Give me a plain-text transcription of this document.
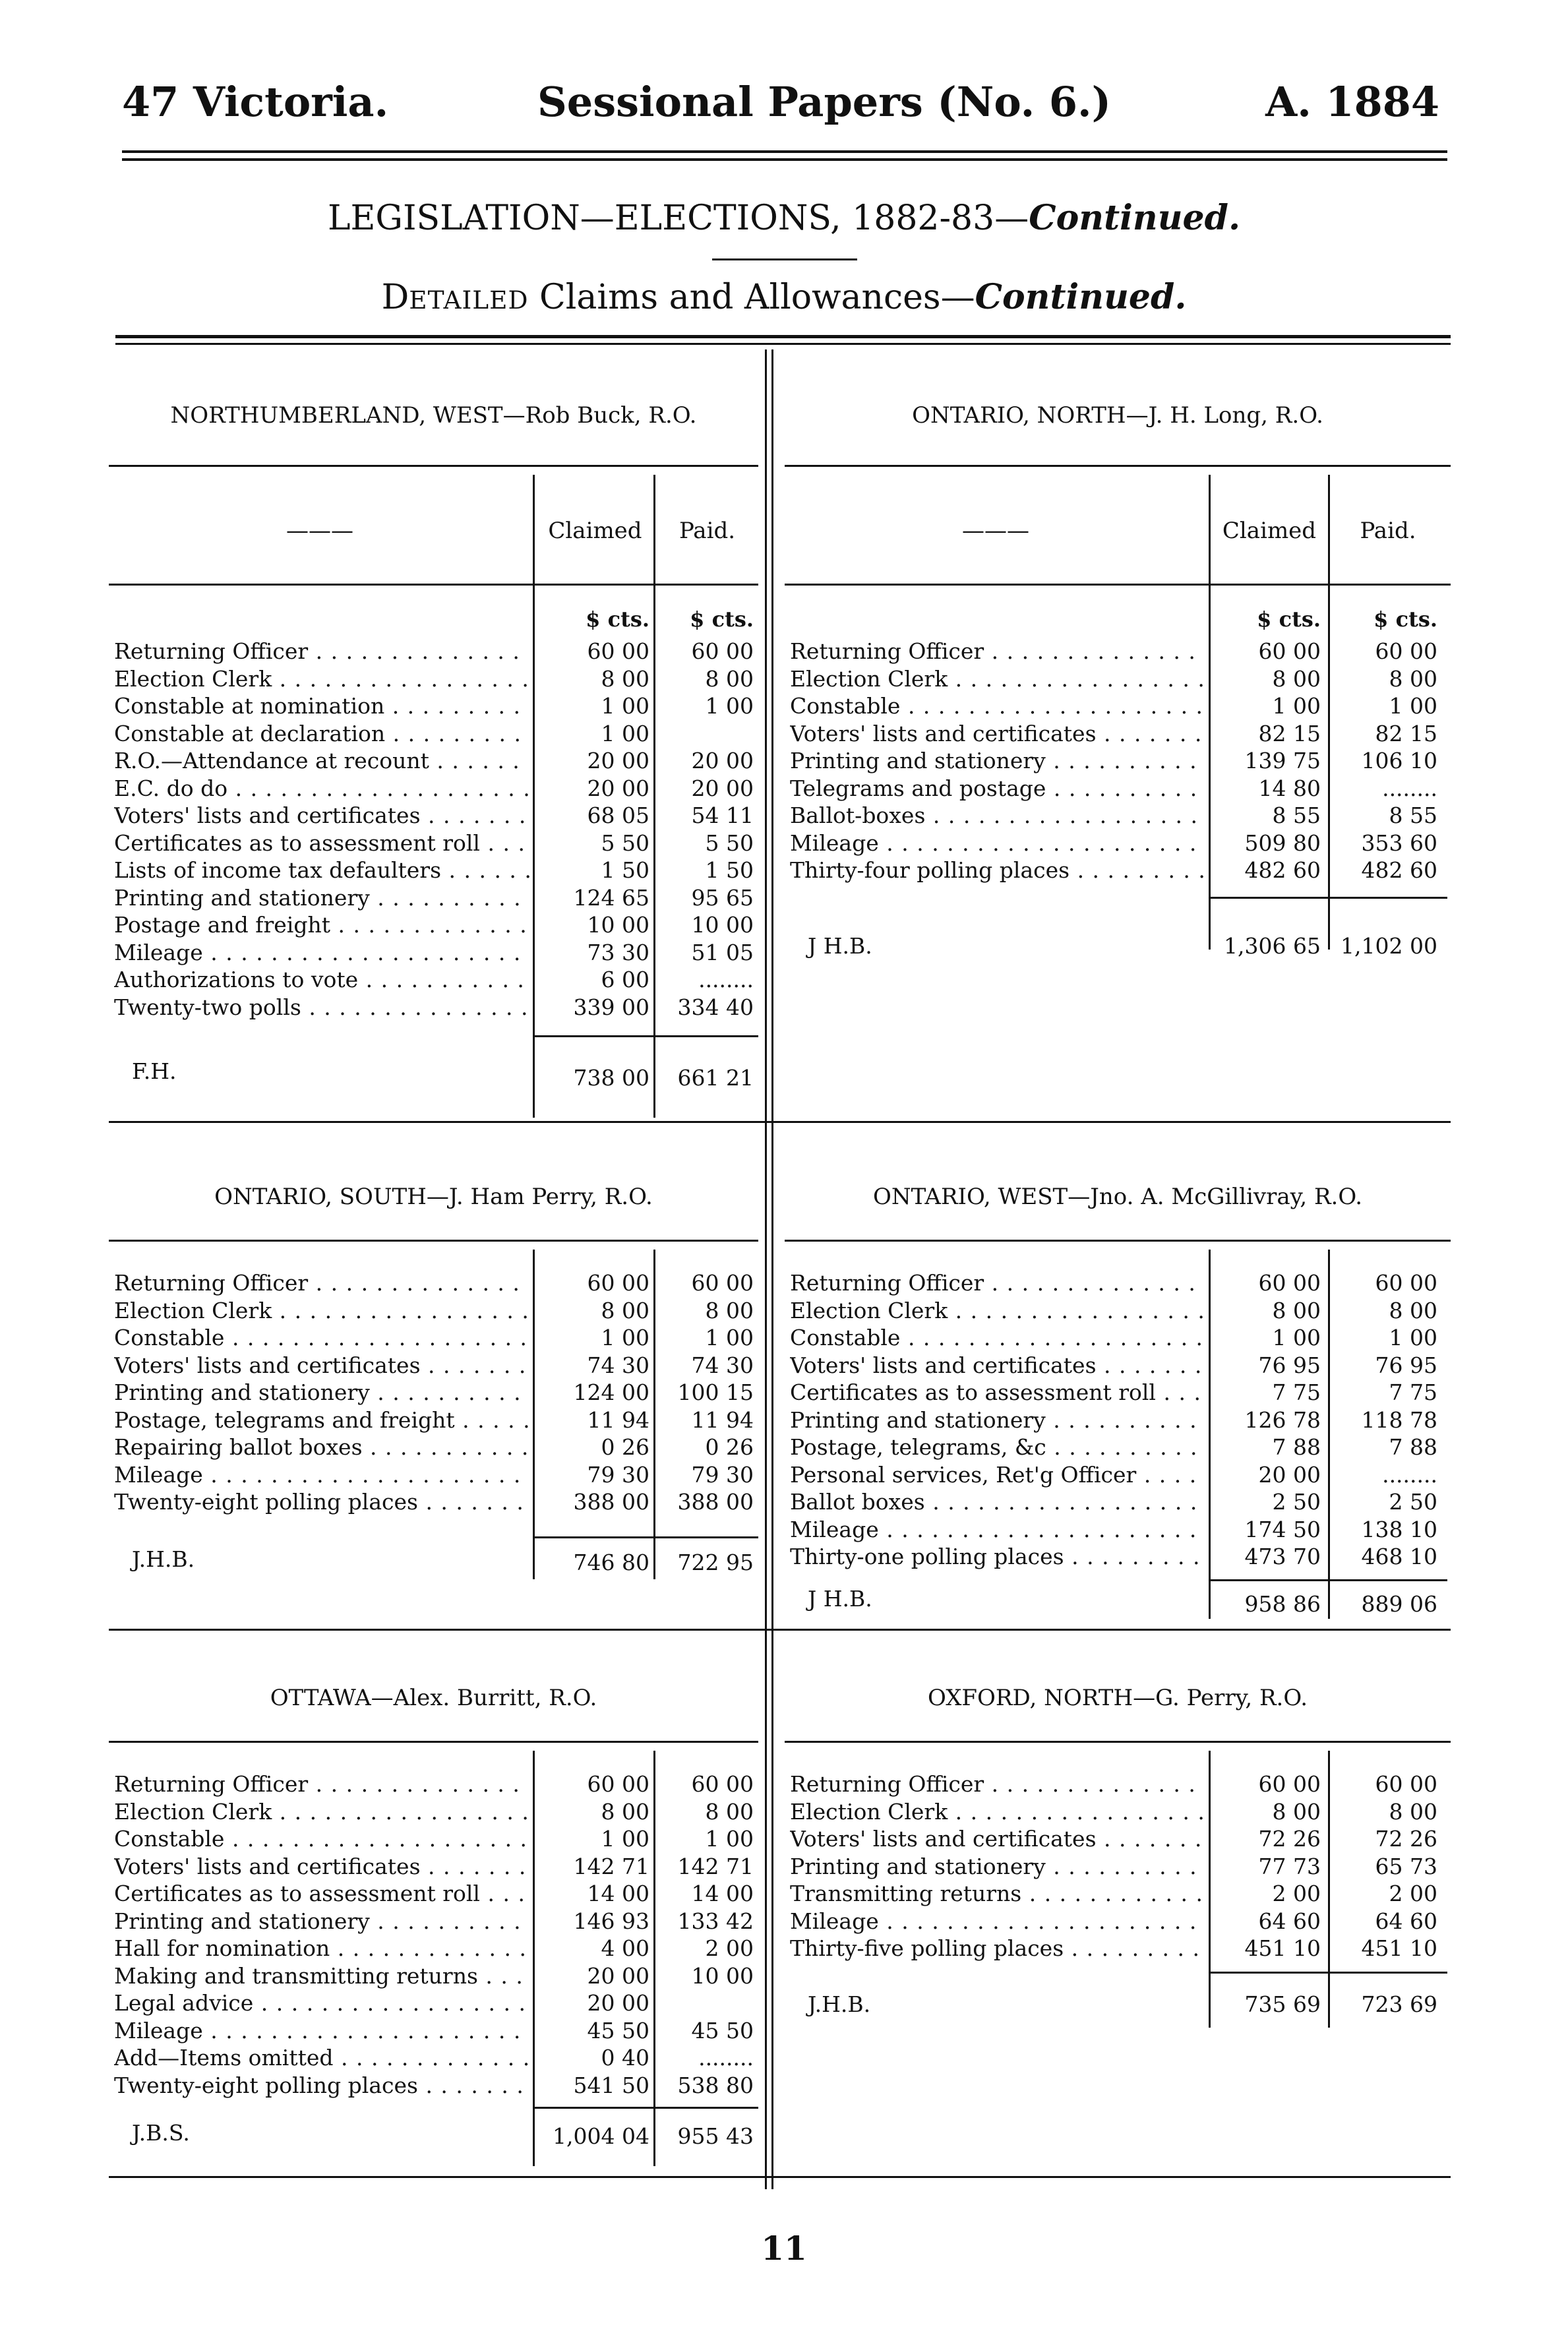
47 Victoria.	Sessional Papers (No. 6.)	A. 1884
LEGISLATION—ELECTIONS, 1882-83—Continued.
DETAILED Claims and Allowances—Continued.
NORTHUMBERLAND, WEST—Rob Buck, R.O.
———	Claimed	Paid.
$ cts.	$ cts.
Returning Officer . . .	60 00	60 00
Election Clerk . . .	8 00	8 00
Constable at nomination . . .	1 00	1 00
Constable at declaration . . .	1 00
R.O.—Attendance at recount . . .	20 00	20 00
E.C. do do . . .	20 00	20 00
Voters' lists and certificates . . .	68 05	54 11
Certificates as to assessment roll . . .	5 50	5 50
Lists of income tax defaulters . . .	1 50	1 50
Printing and stationery . . .	124 65	95 65
Postage and freight . . .	10 00	10 00
Mileage . . .	73 30	51 05
Authorizations to vote . . .	6 00	........
Twenty-two polls . . .	339 00	334 40
F.H.	738 00	661 21
ONTARIO, NORTH—J. H. Long, R.O.
———	Claimed	Paid.
$ cts.	$ cts.
Returning Officer . . .	60 00	60 00
Election Clerk . . .	8 00	8 00
Constable . . .	1 00	1 00
Voters' lists and certificates . . .	82 15	82 15
Printing and stationery . . .	139 75	106 10
Telegrams and postage . . .	14 80	........
Ballot-boxes . . .	8 55	8 55
Mileage . . .	509 80	353 60
Thirty-four polling places . . .	482 60	482 60
J H.B.	1,306 65 1,102 00
ONTARIO, SOUTH—J. Ham Perry, R.O.
Returning Officer . . .	60 00	60 00
Election Clerk . . .	8 00	8 00
Constable . . .	1 00	1 00
Voters' lists and certificates . . .	74 30	74 30
Printing and stationery . . .	124 00	100 15
Postage, telegrams and freight . . .	11 94	11 94
Repairing ballot boxes . . .	0 26	0 26
Mileage . . .	79 30	79 30
Twenty-eight polling places . . .	388 00	388 00
J.H.B.	746 80	722 95
ONTARIO, WEST—Jno. A. McGillivray, R.O.
Returning Officer . . .	60 00	60 00
Election Clerk . . .	8 00	8 00
Constable . . .	1 00	1 00
Voters' lists and certificates . . .	76 95	76 95
Certificates as to assessment roll . . .	7 75	7 75
Printing and stationery . . .	126 78	118 78
Postage, telegrams, &c . . .	7 88	7 88
Personal services, Ret'g Officer . . .	20 00	........
Ballot boxes . . .	2 50	2 50
Mileage . . .	174 50	138 10
Thirty-one polling places . . .	473 70	468 10
J H.B.	958 86	889 06
OTTAWA—Alex. Burritt, R.O.
Returning Officer . . .	60 00	60 00
Election Clerk . . .	8 00	8 00
Constable . . .	1 00	1 00
Voters' lists and certificates . . .	142 71	142 71
Certificates as to assessment roll . . .	14 00	14 00
Printing and stationery . . .	146 93	133 42
Hall for nomination . . .	4 00	2 00
Making and transmitting returns . . .	20 00	10 00
Legal advice . . .	20 00
Mileage . . .	45 50	45 50
Add—Items omitted . . .	0 40	........
Twenty-eight polling places . . .	541 50	538 80
J.B.S.	1,004 04	955 43
OXFORD, NORTH—G. Perry, R.O.
Returning Officer . . .	60 00	60 00
Election Clerk . . .	8 00	8 00
Voters' lists and certificates . . .	72 26	72 26
Printing and stationery . . .	77 73	65 73
Transmitting returns . . .	2 00	2 00
Mileage . . .	64 60	64 60
Thirty-five polling places . . .	451 10	451 10
J.H.B.	735 69	723 69
11
